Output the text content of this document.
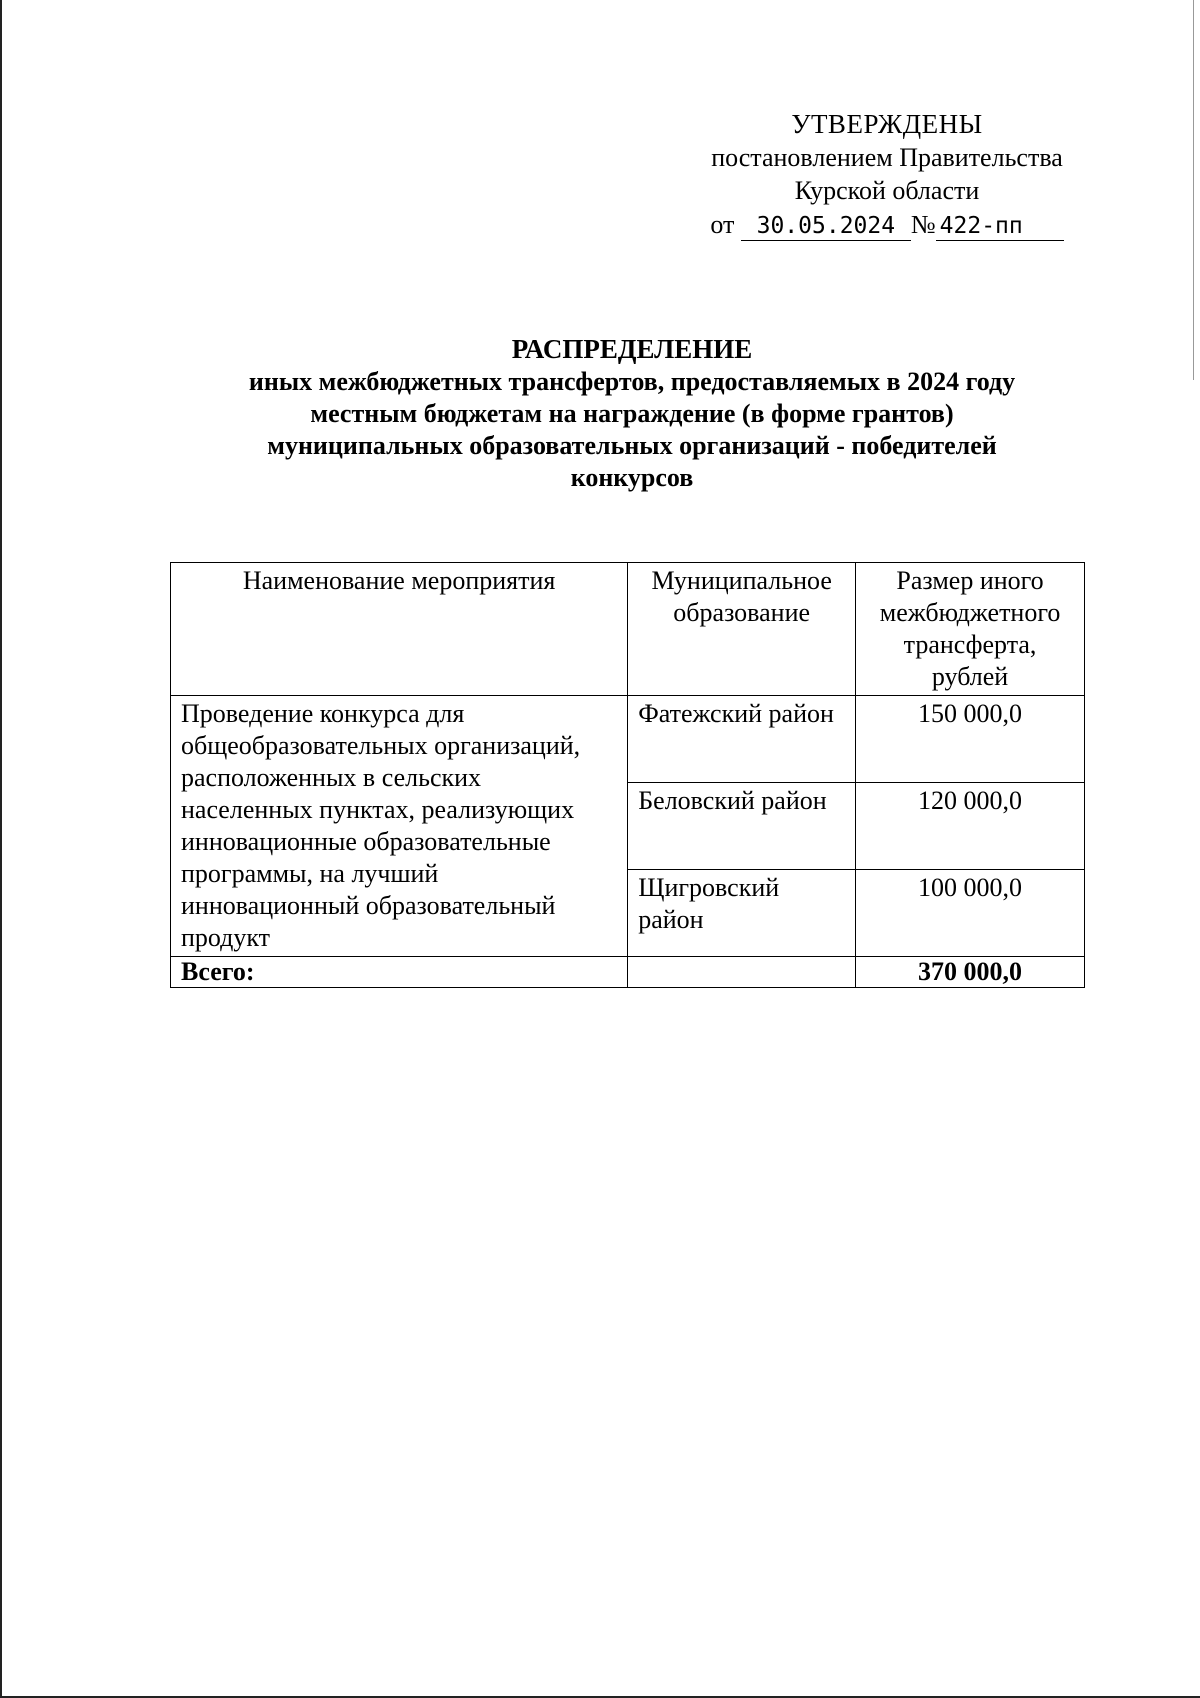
УТВЕРЖДЕНЫ
постановлением Правительства
Курской области
от 30.05.2024 № 422-пп
РАСПРЕДЕЛЕНИЕ
иных межбюджетных трансфертов, предоставляемых в 2024 году
местным бюджетам на награждение (в форме грантов)
муниципальных образовательных организаций - победителей
конкурсов
Наименование мероприятия	Муниципальное образование	Размер иного межбюджетного трансферта, рублей
Проведение конкурса для общеобразовательных организаций, расположенных в сельских населенных пунктах, реализующих инновационные образовательные программы, на лучший инновационный образовательный продукт	Фатежский район	150 000,0
	Беловский район	120 000,0
	Щигровский район	100 000,0
Всего:		370 000,0
